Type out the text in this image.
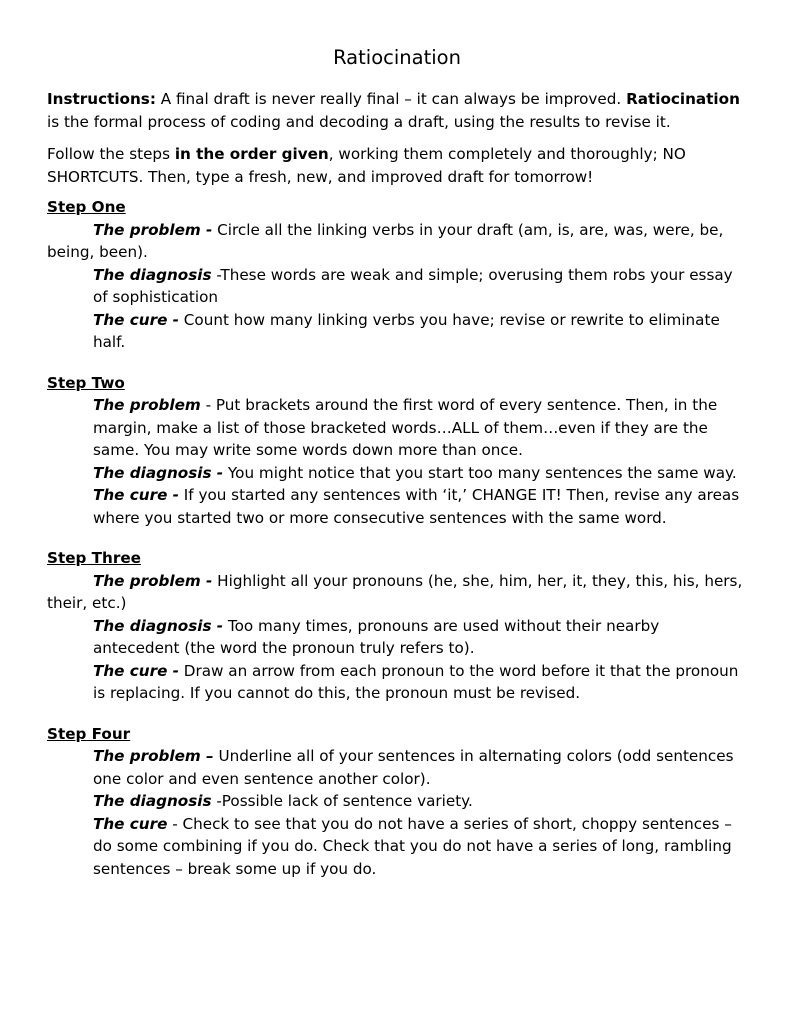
Ratiocination

Instructions: A final draft is never really final – it can always be improved. Ratiocination is the formal process of coding and decoding a draft, using the results to revise it.

Follow the steps in the order given, working them completely and thoroughly; NO SHORTCUTS. Then, type a fresh, new, and improved draft for tomorrow!

Step One

The problem - Circle all the linking verbs in your draft (am, is, are, was, were, be, being, been).

The diagnosis -These words are weak and simple; overusing them robs your essay of sophistication

The cure - Count how many linking verbs you have; revise or rewrite to eliminate half.

Step Two

The problem - Put brackets around the first word of every sentence. Then, in the margin, make a list of those bracketed words…ALL of them…even if they are the same. You may write some words down more than once.

The diagnosis - You might notice that you start too many sentences the same way.

The cure - If you started any sentences with ‘it,’ CHANGE IT! Then, revise any areas where you started two or more consecutive sentences with the same word.

Step Three

The problem - Highlight all your pronouns (he, she, him, her, it, they, this, his, hers, their, etc.)

The diagnosis - Too many times, pronouns are used without their nearby antecedent (the word the pronoun truly refers to).

The cure - Draw an arrow from each pronoun to the word before it that the pronoun is replacing. If you cannot do this, the pronoun must be revised.

Step Four

The problem – Underline all of your sentences in alternating colors (odd sentences one color and even sentence another color).

The diagnosis -Possible lack of sentence variety.

The cure - Check to see that you do not have a series of short, choppy sentences – do some combining if you do. Check that you do not have a series of long, rambling sentences – break some up if you do.
